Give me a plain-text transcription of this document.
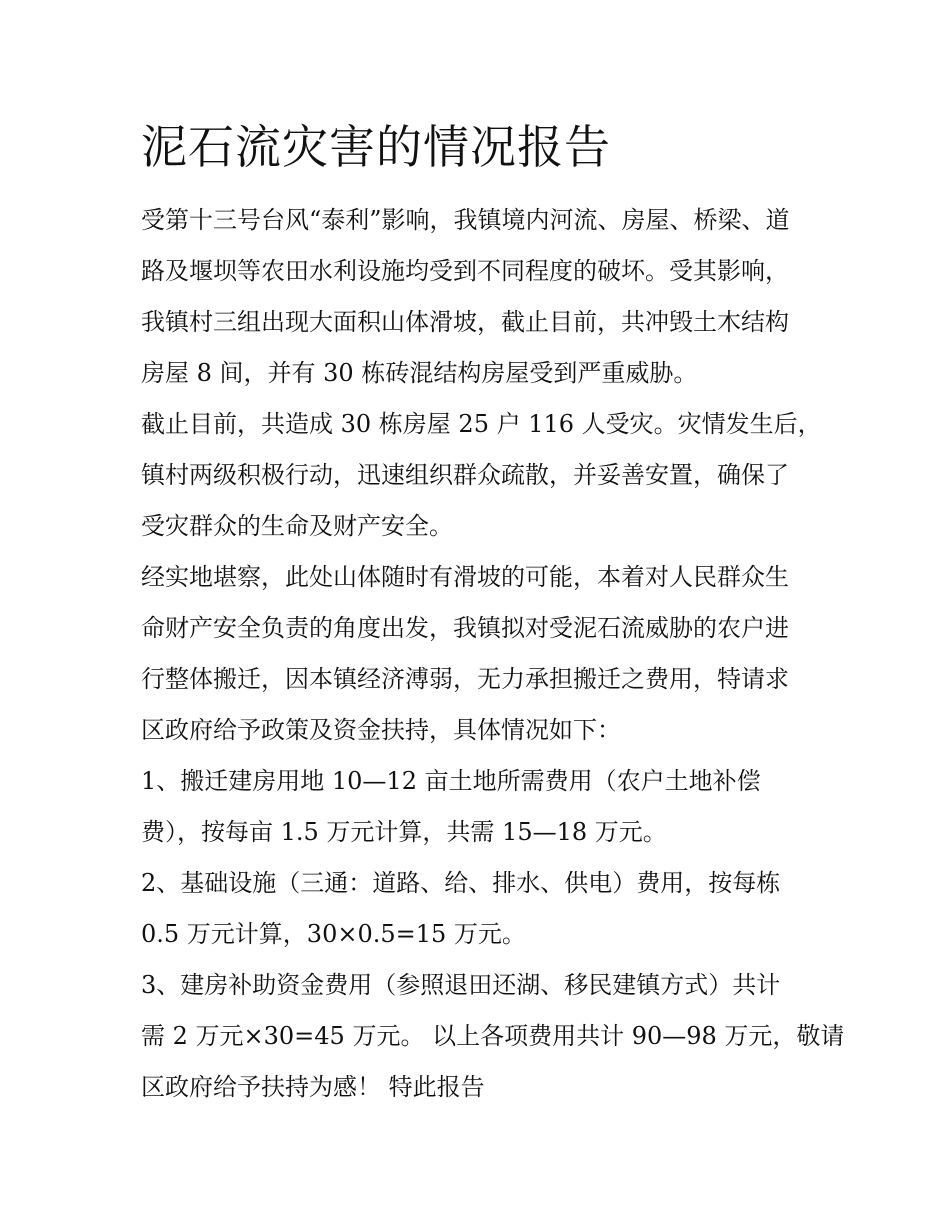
泥石流灾害的情况报告

受第十三号台风“泰利”影响，我镇境内河流、房屋、桥梁、道

路及堰坝等农田水利设施均受到不同程度的破坏。受其影响，

我镇村三组出现大面积山体滑坡，截止目前，共冲毁土木结构

房屋 8 间，并有 30 栋砖混结构房屋受到严重威胁。

截止目前，共造成 30 栋房屋 25 户 116 人受灾。灾情发生后，

镇村两级积极行动，迅速组织群众疏散，并妥善安置，确保了

受灾群众的生命及财产安全。

经实地堪察，此处山体随时有滑坡的可能，本着对人民群众生

命财产安全负责的角度出发，我镇拟对受泥石流威胁的农户进

行整体搬迁，因本镇经济溥弱，无力承担搬迁之费用，特请求

区政府给予政策及资金扶持，具体情况如下：

1、搬迁建房用地 10—12 亩土地所需费用（农户土地补偿

费），按每亩 1.5 万元计算，共需 15—18 万元。

2、基础设施（三通：道路、给、排水、供电）费用，按每栋

0.5 万元计算，30×0.5=15 万元。

3、建房补助资金费用（参照退田还湖、移民建镇方式）共计

需 2 万元×30=45 万元。 以上各项费用共计 90—98 万元，敬请

区政府给予扶持为感！ 特此报告
